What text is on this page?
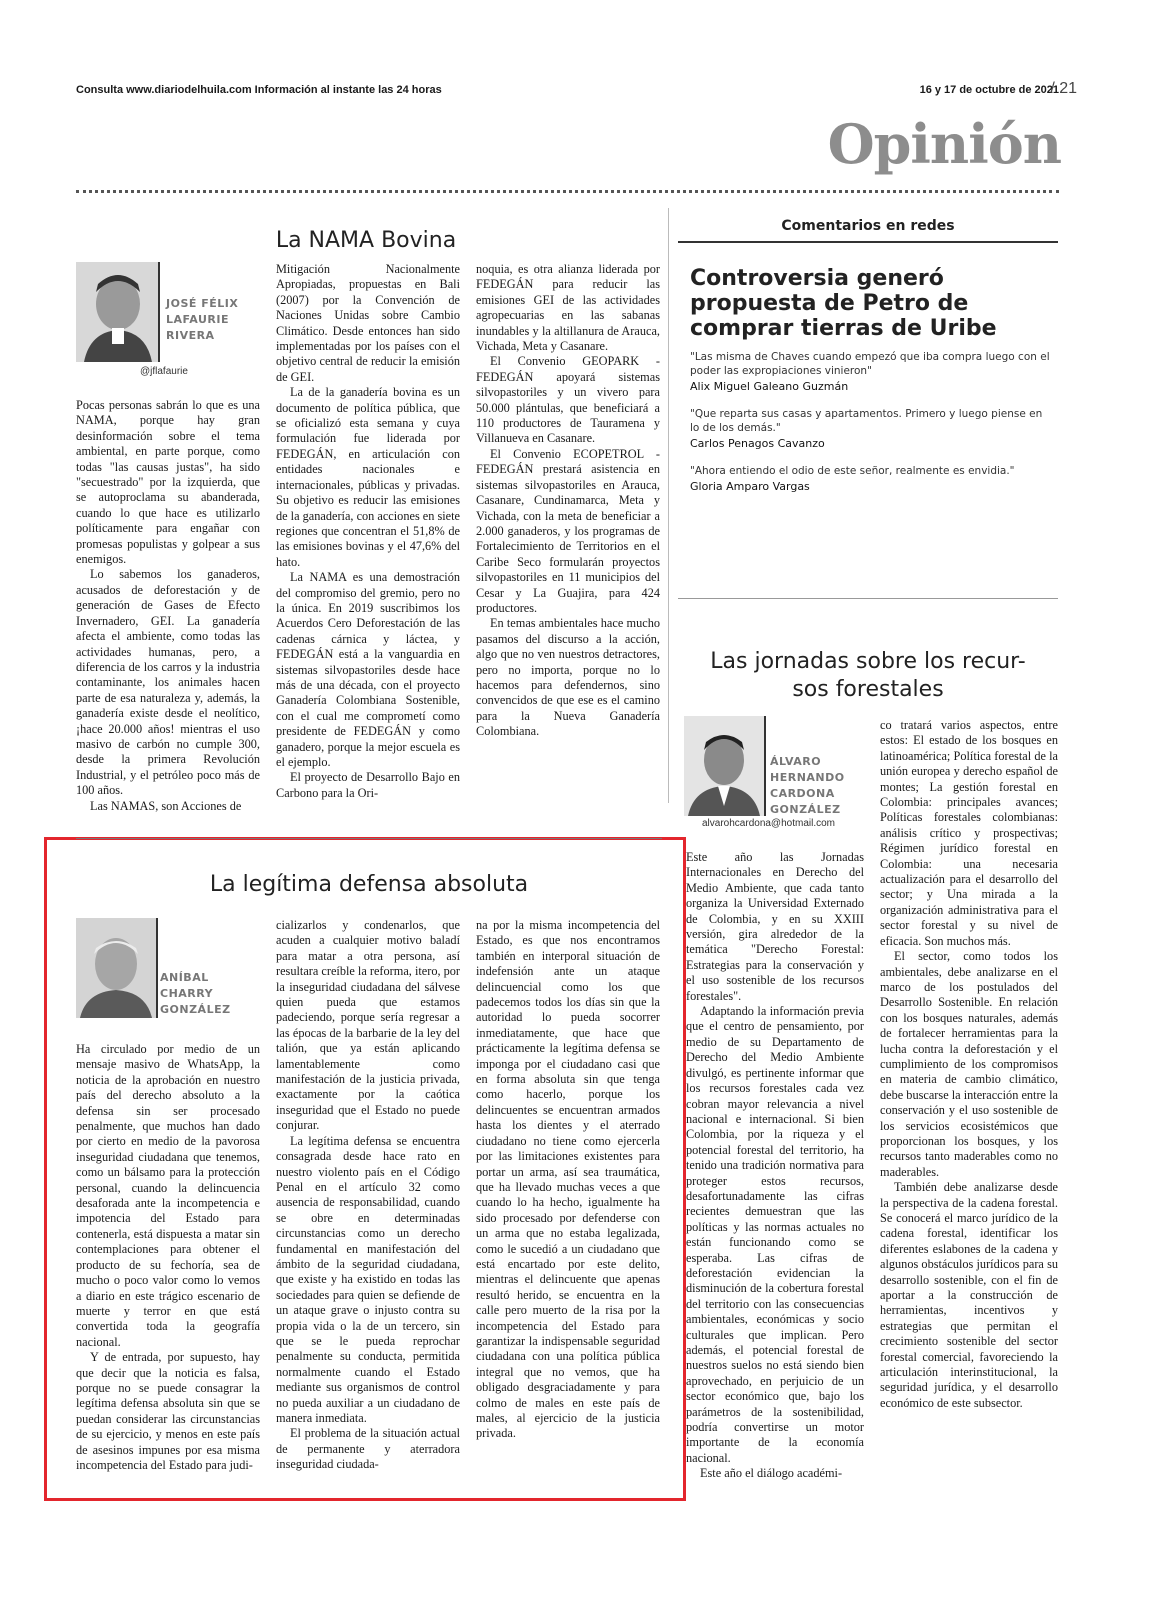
Consulta www.diariodelhuila.com Información al instante las 24 horas	16 y 17 de octubre de 2021
/ 21
Opinión
La NAMA Bovina
JOSÉ FÉLIX
LAFAURIE
RIVERA
@jflafaurie

Pocas personas sabrán lo que es una NAMA, porque hay gran desinformación sobre el tema ambiental, en parte porque, como todas "las causas justas", ha sido "secuestrado" por la izquierda, que se autoproclama su abanderada, cuando lo que hace es utilizarlo políticamente para engañar con promesas populistas y golpear a sus enemigos.

Lo sabemos los ganaderos, acusados de deforestación y de generación de Gases de Efecto Invernadero, GEI. La ganadería afecta el ambiente, como todas las actividades humanas, pero, a diferencia de los carros y la industria contaminante, los animales hacen parte de esa naturaleza y, además, la ganadería existe desde el neolítico, ¡hace 20.000 años! mientras el uso masivo de carbón no cumple 300, desde la primera Revolución Industrial, y el petróleo poco más de 100 años.

Las NAMAS, son Acciones de

Mitigación Nacionalmente Apropiadas, propuestas en Bali (2007) por la Convención de Naciones Unidas sobre Cambio Climático. Desde entonces han sido implementadas por los países con el objetivo central de reducir la emisión de GEI.

La de la ganadería bovina es un documento de política pública, que se oficializó esta semana y cuya formulación fue liderada por FEDEGÁN, en articulación con entidades nacionales e internacionales, públicas y privadas. Su objetivo es reducir las emisiones de la ganadería, con acciones en siete regiones que concentran el 51,8% de las emisiones bovinas y el 47,6% del hato.

La NAMA es una demostración del compromiso del gremio, pero no la única. En 2019 suscribimos los Acuerdos Cero Deforestación de las cadenas cárnica y láctea, y FEDEGÁN está a la vanguardia en sistemas silvopastoriles desde hace más de una década, con el proyecto Ganadería Colombiana Sostenible, con el cual me comprometí como presidente de FEDEGÁN y como ganadero, porque la mejor escuela es el ejemplo.

El proyecto de Desarrollo Bajo en Carbono para la Ori-

noquia, es otra alianza liderada por FEDEGÁN para reducir las emisiones GEI de las actividades agropecuarias en las sabanas inundables y la altillanura de Arauca, Vichada, Meta y Casanare.

El Convenio GEOPARK - FEDEGÁN apoyará sistemas silvopastoriles y un vivero para 50.000 plántulas, que beneficiará a 110 productores de Tauramena y Villanueva en Casanare.

El Convenio ECOPETROL - FEDEGÁN prestará asistencia en sistemas silvopastoriles en Arauca, Casanare, Cundinamarca, Meta y Vichada, con la meta de beneficiar a 2.000 ganaderos, y los programas de Fortalecimiento de Territorios en el Caribe Seco formularán proyectos silvopastoriles en 11 municipios del Cesar y La Guajira, para 424 productores.

En temas ambientales hace mucho pasamos del discurso a la acción, algo que no ven nuestros detractores, pero no importa, porque no lo hacemos para defendernos, sino convencidos de que ese es el camino para la Nueva Ganadería Colombiana.

Comentarios en redes
Controversia generó propuesta de Petro de comprar tierras de Uribe
"Las misma de Chaves cuando empezó que iba compra luego con el poder las expropiaciones vinieron"
Alix Miguel Galeano Guzmán
"Que reparta sus casas y apartamentos. Primero y luego piense en lo de los demás."
Carlos Penagos Cavanzo
"Ahora entiendo el odio de este señor, realmente es envidia."
Gloria Amparo Vargas
Las jornadas sobre los recur-
sos forestales
ÁLVARO
HERNANDO
CARDONA
GONZÁLEZ
alvarohcardona@hotmail.com

Este año las Jornadas Internacionales en Derecho del Medio Ambiente, que cada tanto organiza la Universidad Externado de Colombia, y en su XXIII versión, gira alrededor de la temática "Derecho Forestal: Estrategias para la conservación y el uso sostenible de los recursos forestales".

Adaptando la información previa que el centro de pensamiento, por medio de su Departamento de Derecho del Medio Ambiente divulgó, es pertinente informar que los recursos forestales cada vez cobran mayor relevancia a nivel nacional e internacional. Si bien Colombia, por la riqueza y el potencial forestal del territorio, ha tenido una tradición normativa para proteger estos recursos, desafortunadamente las cifras recientes demuestran que las políticas y las normas actuales no están funcionando como se esperaba. Las cifras de deforestación evidencian la disminución de la cobertura forestal del territorio con las consecuencias ambientales, económicas y socio culturales que implican. Pero además, el potencial forestal de nuestros suelos no está siendo bien aprovechado, en perjuicio de un sector económico que, bajo los parámetros de la sostenibilidad, podría convertirse un motor importante de la economía nacional.

Este año el diálogo académi-

co tratará varios aspectos, entre estos: El estado de los bosques en latinoamérica; Política forestal de la unión europea y derecho español de montes; La gestión forestal en Colombia: principales avances; Políticas forestales colombianas: análisis crítico y prospectivas; Régimen jurídico forestal en Colombia: una necesaria actualización para el desarrollo del sector; y Una mirada a la organización administrativa para el sector forestal y su nivel de eficacia. Son muchos más.

El sector, como todos los ambientales, debe analizarse en el marco de los postulados del Desarrollo Sostenible. En relación con los bosques naturales, además de fortalecer herramientas para la lucha contra la deforestación y el cumplimiento de los compromisos en materia de cambio climático, debe buscarse la interacción entre la conservación y el uso sostenible de los servicios ecosistémicos que proporcionan los bosques, y los recursos tanto maderables como no maderables.

También debe analizarse desde la perspectiva de la cadena forestal. Se conocerá el marco jurídico de la cadena forestal, identificar los diferentes eslabones de la cadena y algunos obstáculos jurídicos para su desarrollo sostenible, con el fin de aportar a la construcción de herramientas, incentivos y estrategias que permitan el crecimiento sostenible del sector forestal comercial, favoreciendo la articulación interinstitucional, la seguridad jurídica, y el desarrollo económico de este subsector.

La legítima defensa absoluta
ANÍBAL
CHARRY
GONZÁLEZ

Ha circulado por medio de un mensaje masivo de WhatsApp, la noticia de la aprobación en nuestro país del derecho absoluto a la defensa sin ser procesado penalmente, que muchos han dado por cierto en medio de la pavorosa inseguridad ciudadana que tenemos, como un bálsamo para la protección personal, cuando la delincuencia desaforada ante la incompetencia e impotencia del Estado para contenerla, está dispuesta a matar sin contemplaciones para obtener el producto de su fechoría, sea de mucho o poco valor como lo vemos a diario en este trágico escenario de muerte y terror en que está convertida toda la geografía nacional.

Y de entrada, por supuesto, hay que decir que la noticia es falsa, porque no se puede consagrar la legítima defensa absoluta sin que se puedan considerar las circunstancias de su ejercicio, y menos en este país de asesinos impunes por esa misma incompetencia del Estado para judi-

cializarlos y condenarlos, que acuden a cualquier motivo baladí para matar a otra persona, así resultara creíble la reforma, itero, por la inseguridad ciudadana del sálvese quien pueda que estamos padeciendo, porque sería regresar a las épocas de la barbarie de la ley del talión, que ya están aplicando lamentablemente como manifestación de la justicia privada, exactamente por la caótica inseguridad que el Estado no puede conjurar.

La legítima defensa se encuentra consagrada desde hace rato en nuestro violento país en el Código Penal en el artículo 32 como ausencia de responsabilidad, cuando se obre en determinadas circunstancias como un derecho fundamental en manifestación del ámbito de la seguridad ciudadana, que existe y ha existido en todas las sociedades para quien se defiende de un ataque grave o injusto contra su propia vida o la de un tercero, sin que se le pueda reprochar penalmente su conducta, permitida normalmente cuando el Estado mediante sus organismos de control no pueda auxiliar a un ciudadano de manera inmediata.

El problema de la situación actual de permanente y aterradora inseguridad ciudada-

na por la misma incompetencia del Estado, es que nos encontramos también en interporal situación de indefensión ante un ataque delincuencial como los que padecemos todos los días sin que la autoridad lo pueda socorrer inmediatamente, que hace que prácticamente la legítima defensa se imponga por el ciudadano casi que en forma absoluta sin que tenga como hacerlo, porque los delincuentes se encuentran armados hasta los dientes y el aterrado ciudadano no tiene como ejercerla por las limitaciones existentes para portar un arma, así sea traumática, que ha llevado muchas veces a que cuando lo ha hecho, igualmente ha sido procesado por defenderse con un arma que no estaba legalizada, como le sucedió a un ciudadano que está encartado por este delito, mientras el delincuente que apenas resultó herido, se encuentra en la calle pero muerto de la risa por la incompetencia del Estado para garantizar la indispensable seguridad ciudadana con una política pública integral que no vemos, que ha obligado desgraciadamente y para colmo de males en este país de males, al ejercicio de la justicia privada.
